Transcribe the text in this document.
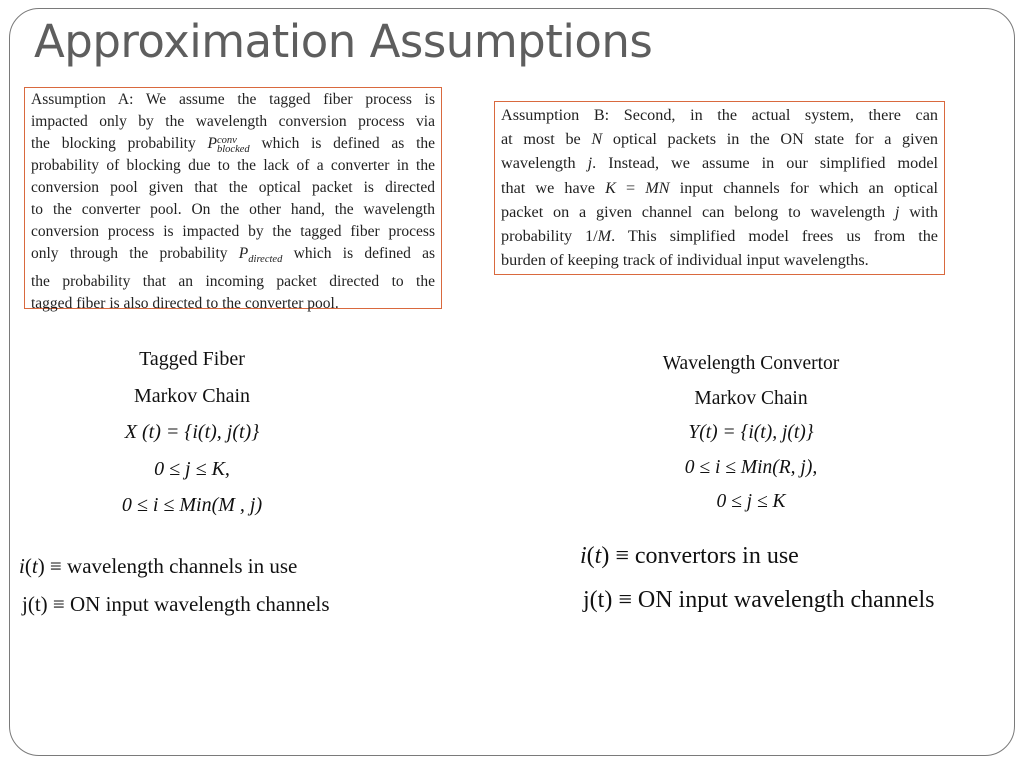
Approximation Assumptions
Assumption A: We assume the tagged fiber process is
impacted only by the wavelength conversion process via
the blocking probability P conv
blocked which is defined as the
probability of blocking due to the lack of a converter in the
conversion pool given that the optical packet is directed
to the converter pool. On the other hand, the wavelength
conversion process is impacted by the tagged fiber process
only through the probability $P_{directed}$ which is defined as
the probability that an incoming packet directed to the
tagged fiber is also directed to the converter pool.
Assumption B: Second, in the actual system, there can
at most be N optical packets in the ON state for a given
wavelength j. Instead, we assume in our simplified model
that we have K = MN input channels for which an optical
packet on a given channel can belong to wavelength j with
probability 1/M. This simplified model frees us from the
burden of keeping track of individual input wavelengths.
Tagged Fiber
Markov Chain
X (t) = {i(t), j(t)}
0 ≤ j ≤ K,
0 ≤ i ≤ Min(M , j)
Wavelength Convertor
Markov Chain
Y(t) = {i(t), j(t)}
0 ≤ i ≤ Min(R, j),
0 ≤ j ≤ K
i(t) ≡ wavelength channels in use
j(t) ≡ ON input wavelength channels
i(t) ≡ convertors in use
j(t) ≡ ON input wavelength channels
